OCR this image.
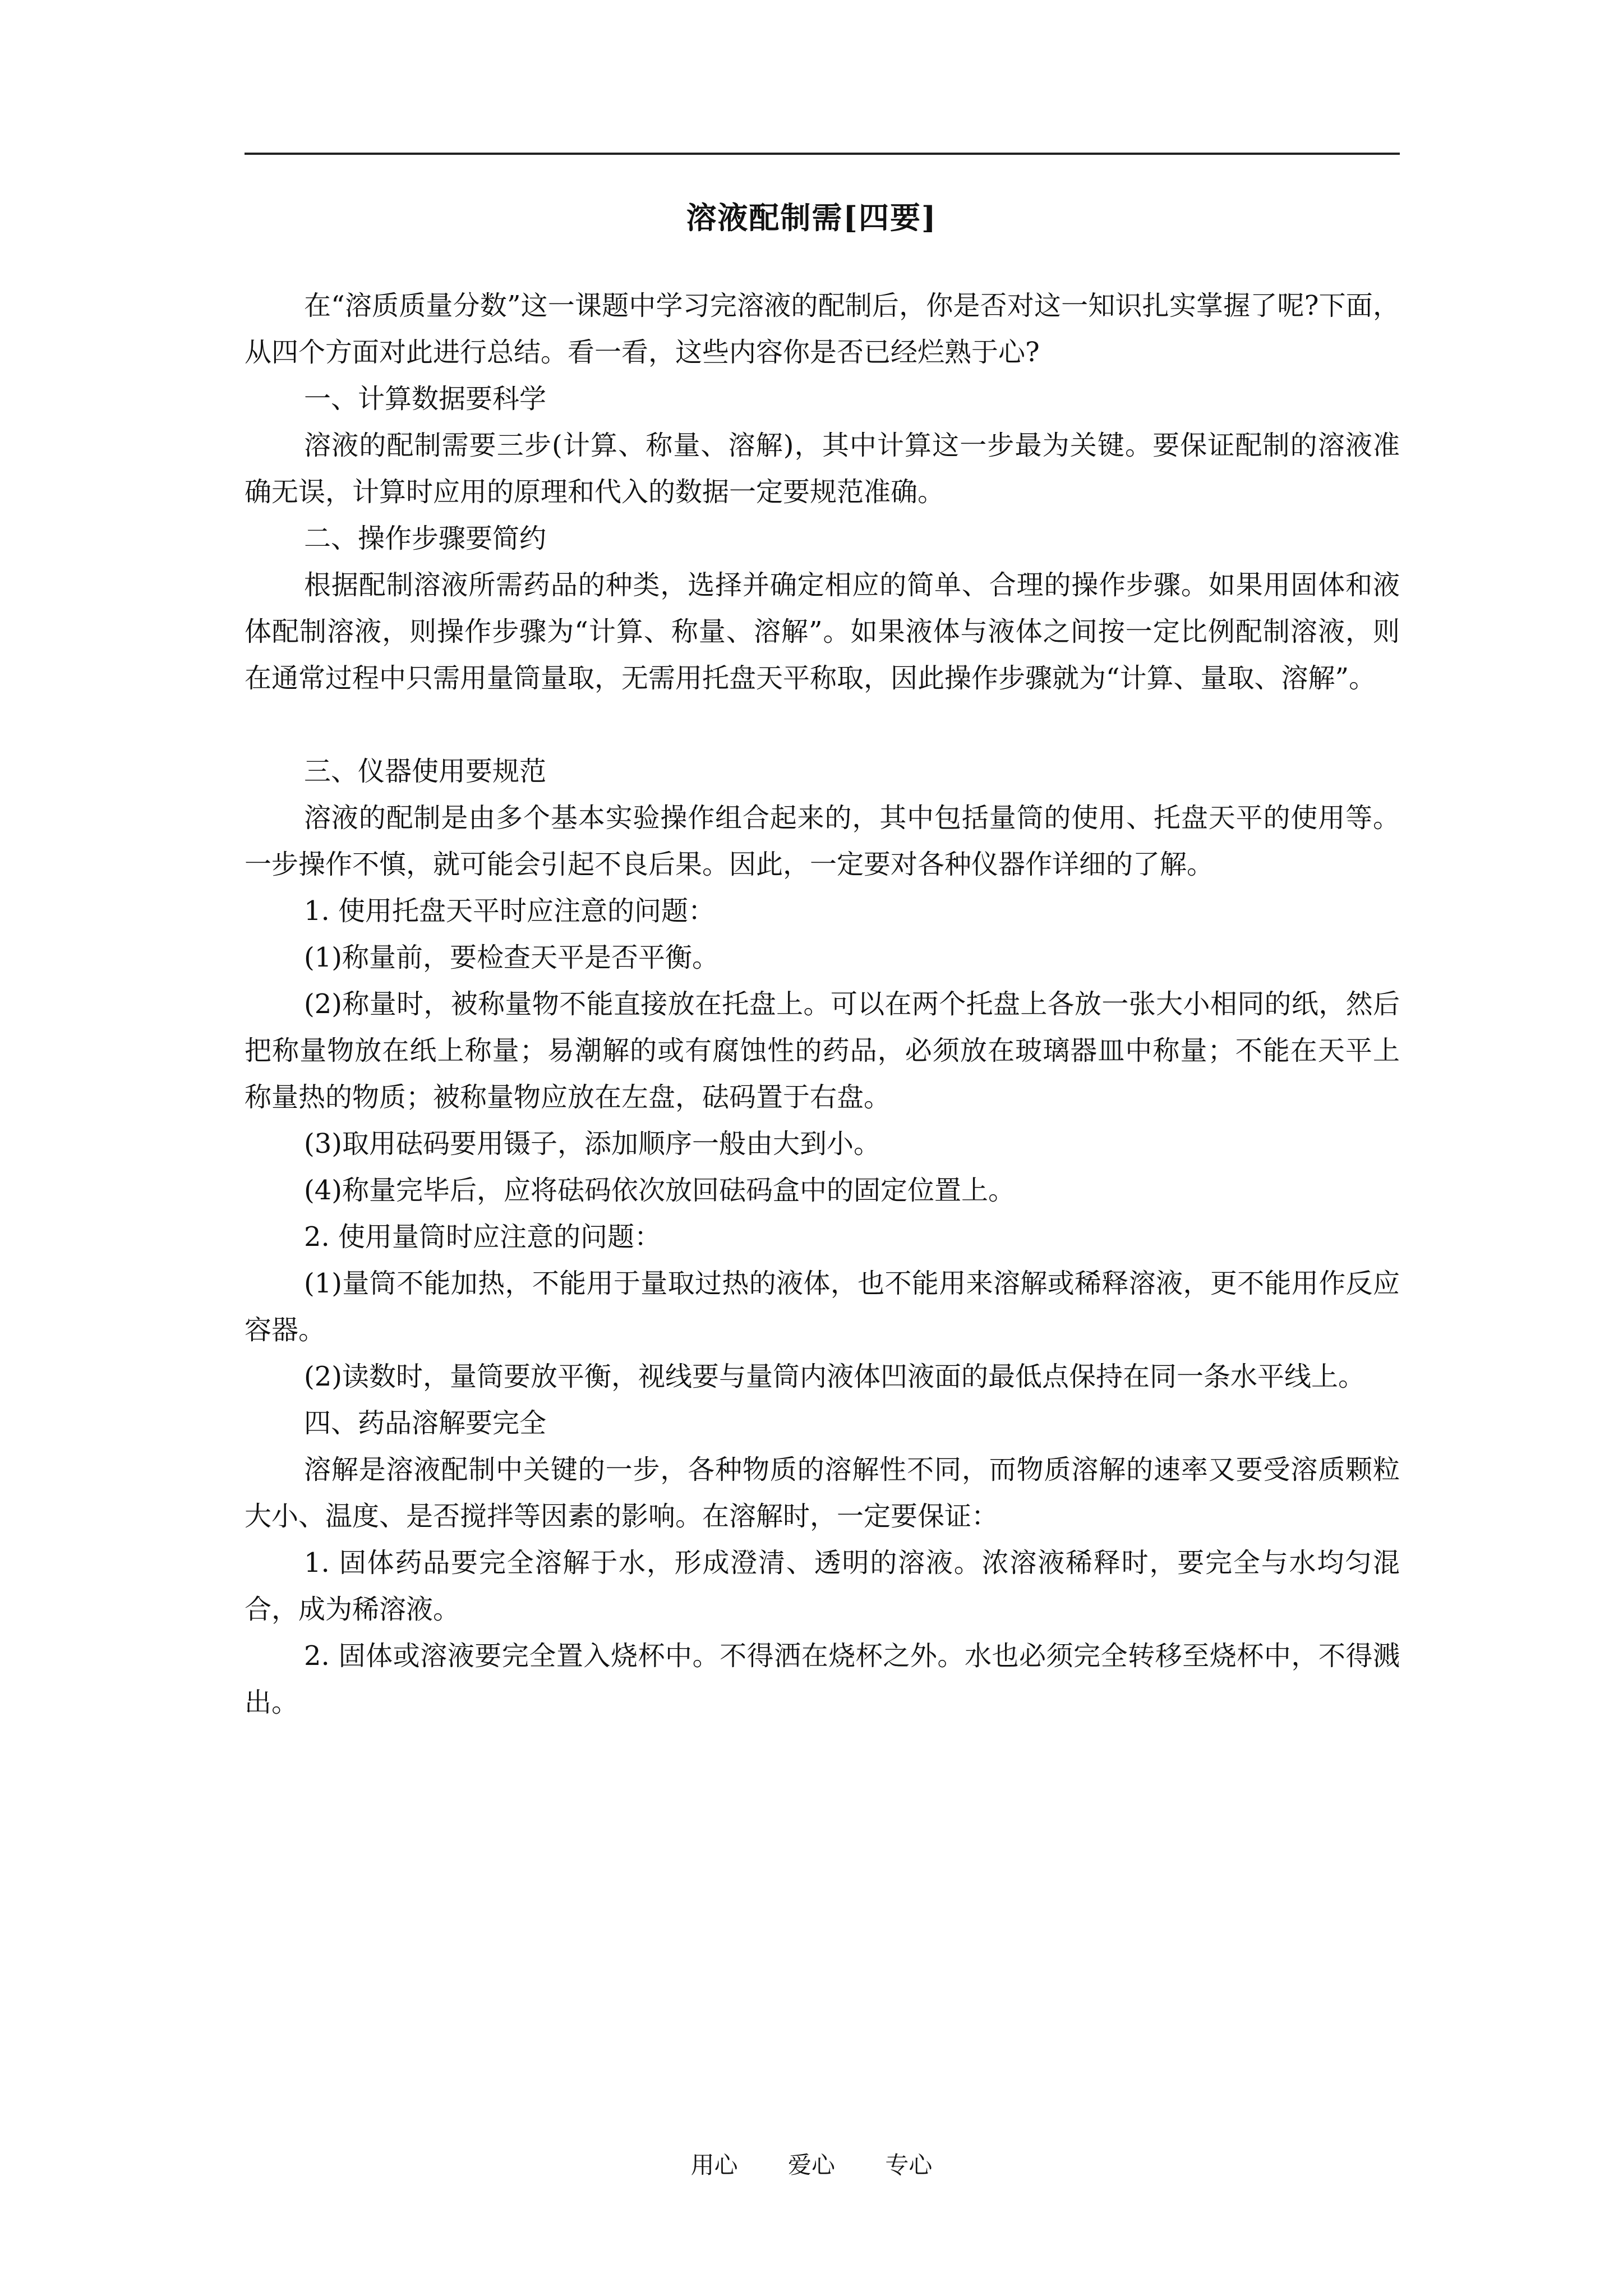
溶液配制需[四要]

在“溶质质量分数”这一课题中学习完溶液的配制后，你是否对这一知识扎实掌握了呢?下面，从四个方面对此进行总结。看一看，这些内容你是否已经烂熟于心?

一、计算数据要科学

溶液的配制需要三步(计算、称量、溶解)，其中计算这一步最为关键。要保证配制的溶液准确无误，计算时应用的原理和代入的数据一定要规范准确。

二、操作步骤要简约

根据配制溶液所需药品的种类，选择并确定相应的简单、合理的操作步骤。如果用固体和液体配制溶液，则操作步骤为“计算、称量、溶解”。如果液体与液体之间按一定比例配制溶液，则在通常过程中只需用量筒量取，无需用托盘天平称取，因此操作步骤就为“计算、量取、溶解”。

三、仪器使用要规范

溶液的配制是由多个基本实验操作组合起来的，其中包括量筒的使用、托盘天平的使用等。一步操作不慎，就可能会引起不良后果。因此，一定要对各种仪器作详细的了解。

1. 使用托盘天平时应注意的问题：

(1)称量前，要检查天平是否平衡。

(2)称量时，被称量物不能直接放在托盘上。可以在两个托盘上各放一张大小相同的纸，然后把称量物放在纸上称量；易潮解的或有腐蚀性的药品，必须放在玻璃器皿中称量；不能在天平上称量热的物质；被称量物应放在左盘，砝码置于右盘。

(3)取用砝码要用镊子，添加顺序一般由大到小。

(4)称量完毕后，应将砝码依次放回砝码盒中的固定位置上。

2. 使用量筒时应注意的问题：

(1)量筒不能加热，不能用于量取过热的液体，也不能用来溶解或稀释溶液，更不能用作反应容器。

(2)读数时，量筒要放平衡，视线要与量筒内液体凹液面的最低点保持在同一条水平线上。

四、药品溶解要完全

溶解是溶液配制中关键的一步，各种物质的溶解性不同，而物质溶解的速率又要受溶质颗粒大小、温度、是否搅拌等因素的影响。在溶解时，一定要保证：

1. 固体药品要完全溶解于水，形成澄清、透明的溶液。浓溶液稀释时，要完全与水均匀混合，成为稀溶液。

2. 固体或溶液要完全置入烧杯中。不得洒在烧杯之外。水也必须完全转移至烧杯中，不得溅出。

用心 爱心 专心
